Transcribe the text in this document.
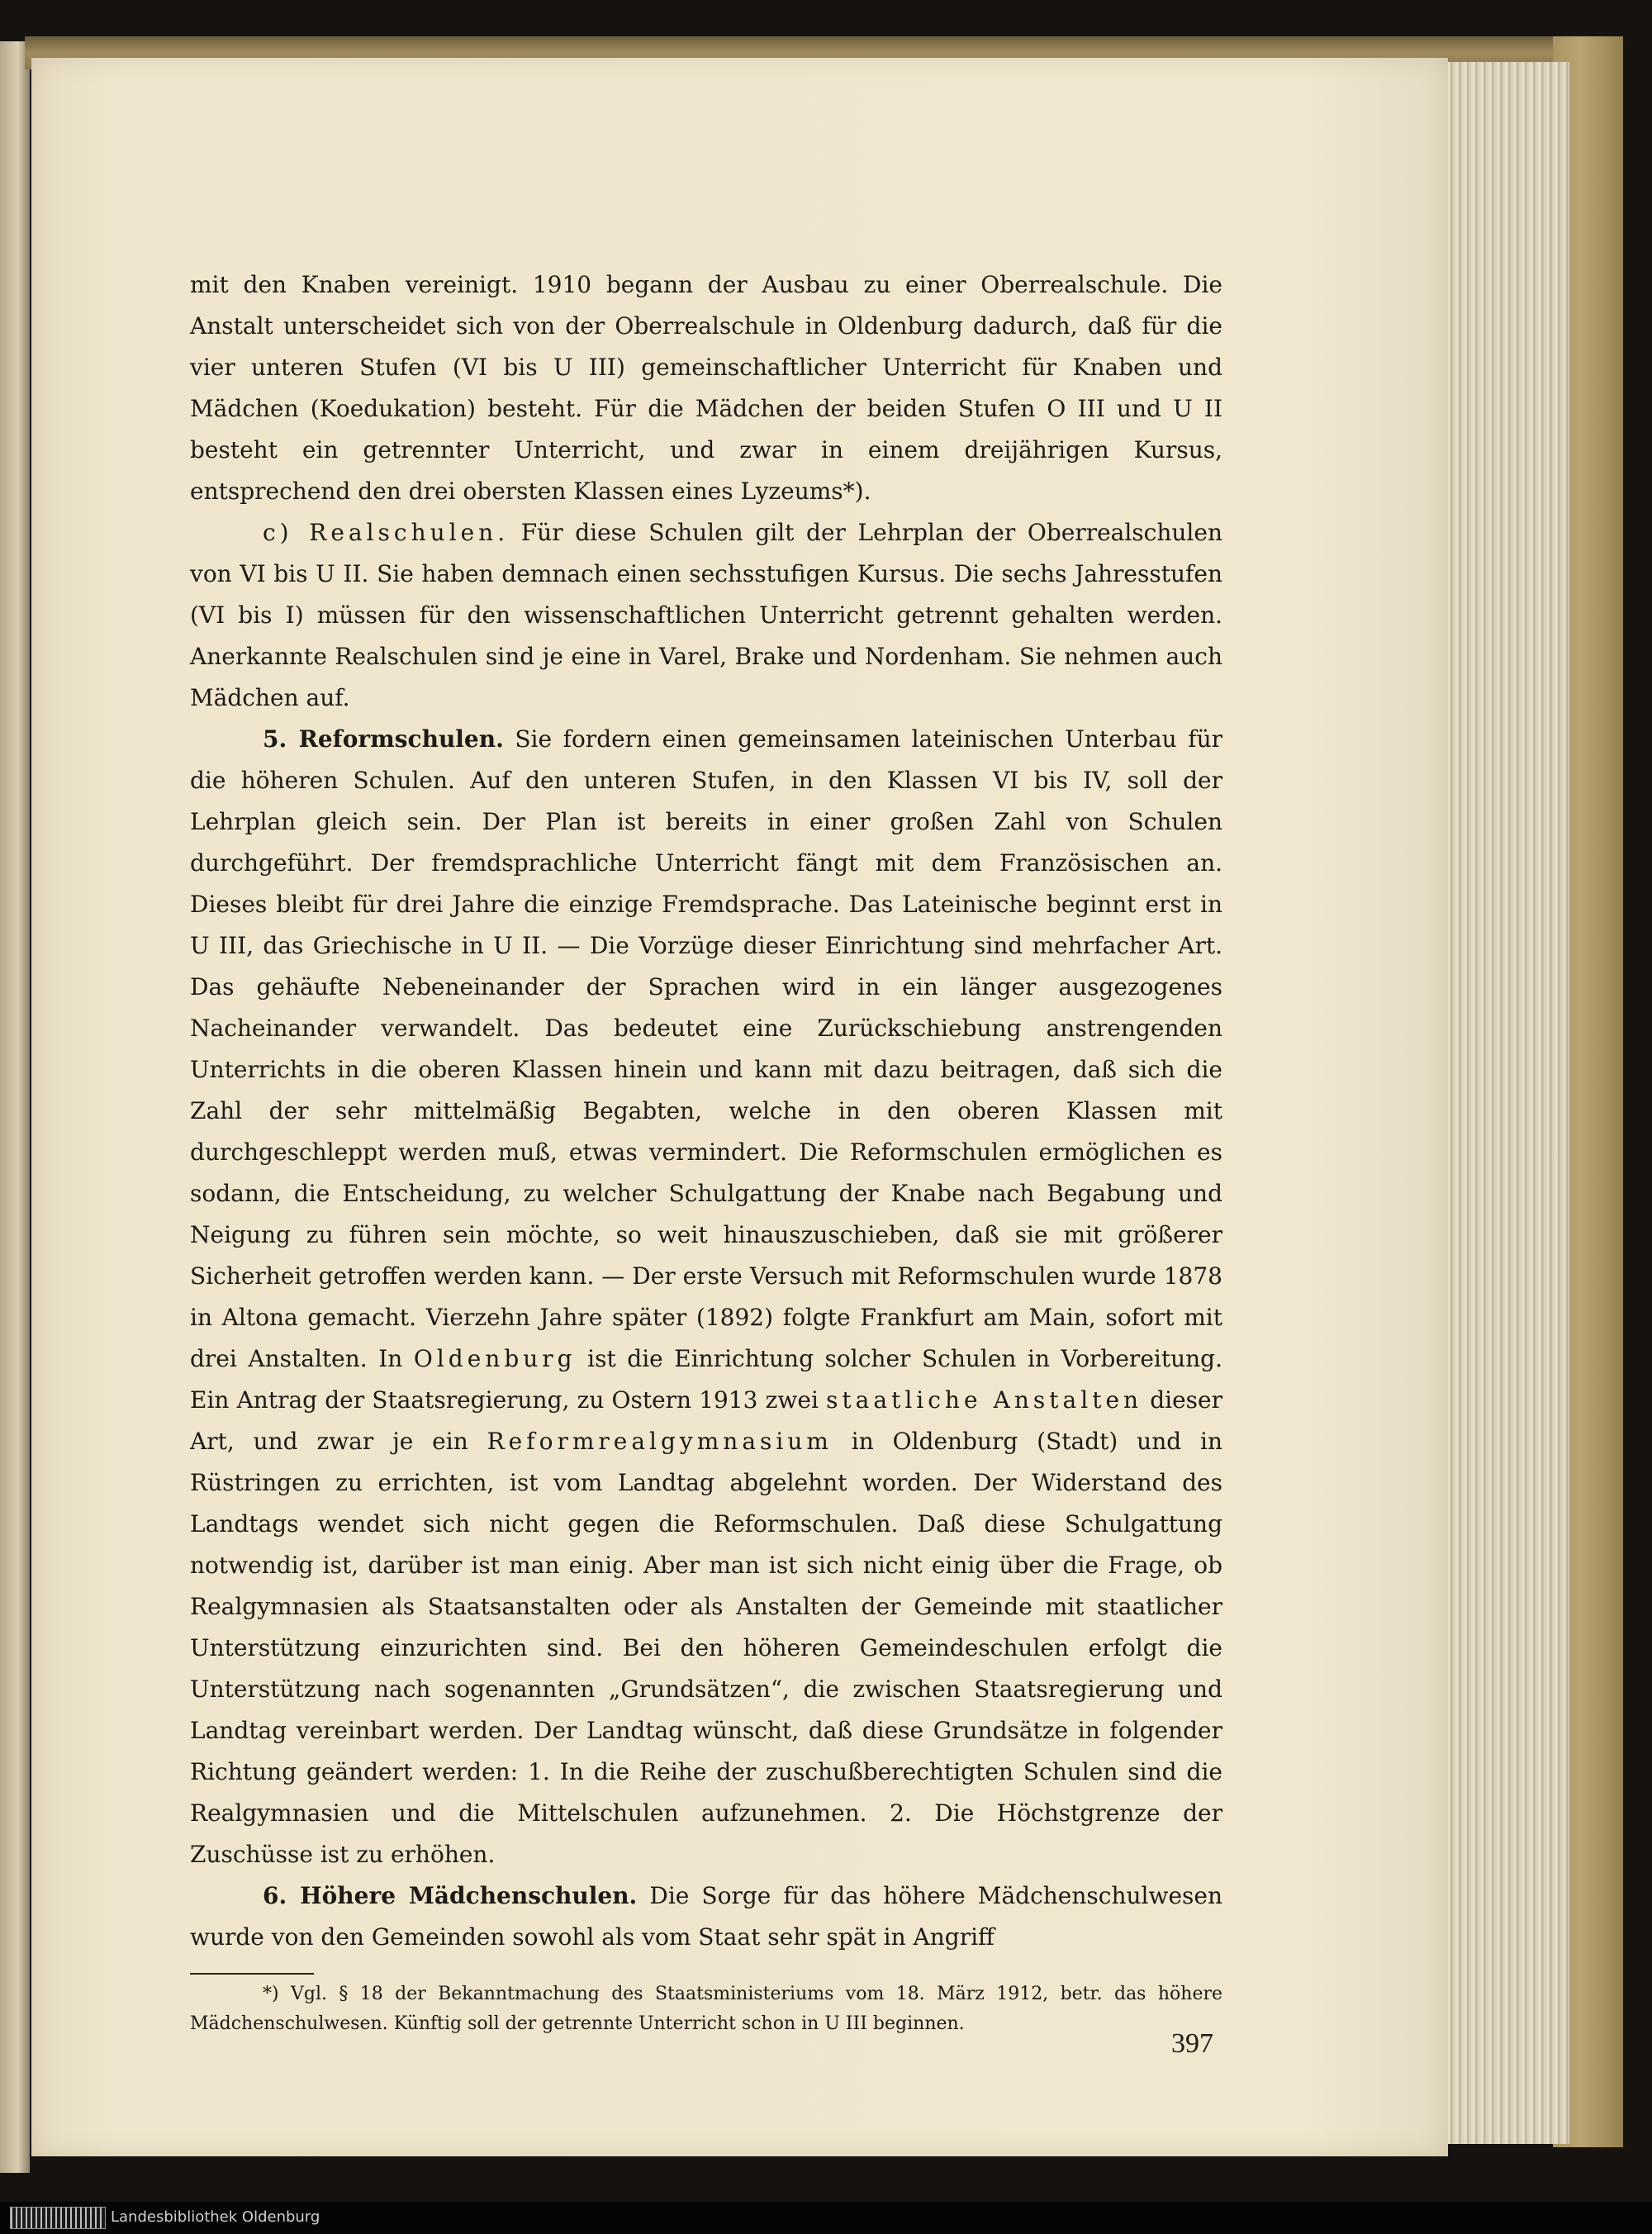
mit den Knaben vereinigt. 1910 begann der Ausbau zu einer Oberrealschule. Die Anstalt unterscheidet sich von der Oberrealschule in Oldenburg dadurch, daß für die vier unteren Stufen (VI bis U III) gemeinschaftlicher Unterricht für Knaben und Mädchen (Koedukation) besteht. Für die Mädchen der beiden Stufen O III und U II besteht ein getrennter Unterricht, und zwar in einem dreijährigen Kursus, entsprechend den drei obersten Klassen eines Lyzeums*).

c) Realschulen. Für diese Schulen gilt der Lehrplan der Oberrealschulen von VI bis U II. Sie haben demnach einen sechsstufigen Kursus. Die sechs Jahresstufen (VI bis I) müssen für den wissenschaftlichen Unterricht getrennt gehalten werden. Anerkannte Realschulen sind je eine in Varel, Brake und Nordenham. Sie nehmen auch Mädchen auf.

5. Reformschulen. Sie fordern einen gemeinsamen lateinischen Unterbau für die höheren Schulen. Auf den unteren Stufen, in den Klassen VI bis IV, soll der Lehrplan gleich sein. Der Plan ist bereits in einer großen Zahl von Schulen durchgeführt. Der fremdsprachliche Unterricht fängt mit dem Französischen an. Dieses bleibt für drei Jahre die einzige Fremdsprache. Das Lateinische beginnt erst in U III, das Griechische in U II. — Die Vorzüge dieser Einrichtung sind mehrfacher Art. Das gehäufte Nebeneinander der Sprachen wird in ein länger ausgezogenes Nacheinander verwandelt. Das bedeutet eine Zurückschiebung anstrengenden Unterrichts in die oberen Klassen hinein und kann mit dazu beitragen, daß sich die Zahl der sehr mittelmäßig Begabten, welche in den oberen Klassen mit durchgeschleppt werden muß, etwas vermindert. Die Reformschulen ermöglichen es sodann, die Entscheidung, zu welcher Schulgattung der Knabe nach Begabung und Neigung zu führen sein möchte, so weit hinauszuschieben, daß sie mit größerer Sicherheit getroffen werden kann. — Der erste Versuch mit Reformschulen wurde 1878 in Altona gemacht. Vierzehn Jahre später (1892) folgte Frankfurt am Main, sofort mit drei Anstalten. In Oldenburg ist die Einrichtung solcher Schulen in Vorbereitung. Ein Antrag der Staatsregierung, zu Ostern 1913 zwei staatliche Anstalten dieser Art, und zwar je ein Reformrealgymnasium in Oldenburg (Stadt) und in Rüstringen zu errichten, ist vom Landtag abgelehnt worden. Der Widerstand des Landtags wendet sich nicht gegen die Reformschulen. Daß diese Schulgattung notwendig ist, darüber ist man einig. Aber man ist sich nicht einig über die Frage, ob Realgymnasien als Staatsanstalten oder als Anstalten der Gemeinde mit staatlicher Unterstützung einzurichten sind. Bei den höheren Gemeindeschulen erfolgt die Unterstützung nach sogenannten „Grundsätzen“, die zwischen Staatsregierung und Landtag vereinbart werden. Der Landtag wünscht, daß diese Grundsätze in folgender Richtung geändert werden: 1. In die Reihe der zuschußberechtigten Schulen sind die Realgymnasien und die Mittelschulen aufzunehmen. 2. Die Höchstgrenze der Zuschüsse ist zu erhöhen.

6. Höhere Mädchenschulen. Die Sorge für das höhere Mädchenschulwesen wurde von den Gemeinden sowohl als vom Staat sehr spät in Angriff

*) Vgl. § 18 der Bekanntmachung des Staatsministeriums vom 18. März 1912, betr. das höhere Mädchenschulwesen. Künftig soll der getrennte Unterricht schon in U III beginnen.

397
Landesbibliothek Oldenburg
